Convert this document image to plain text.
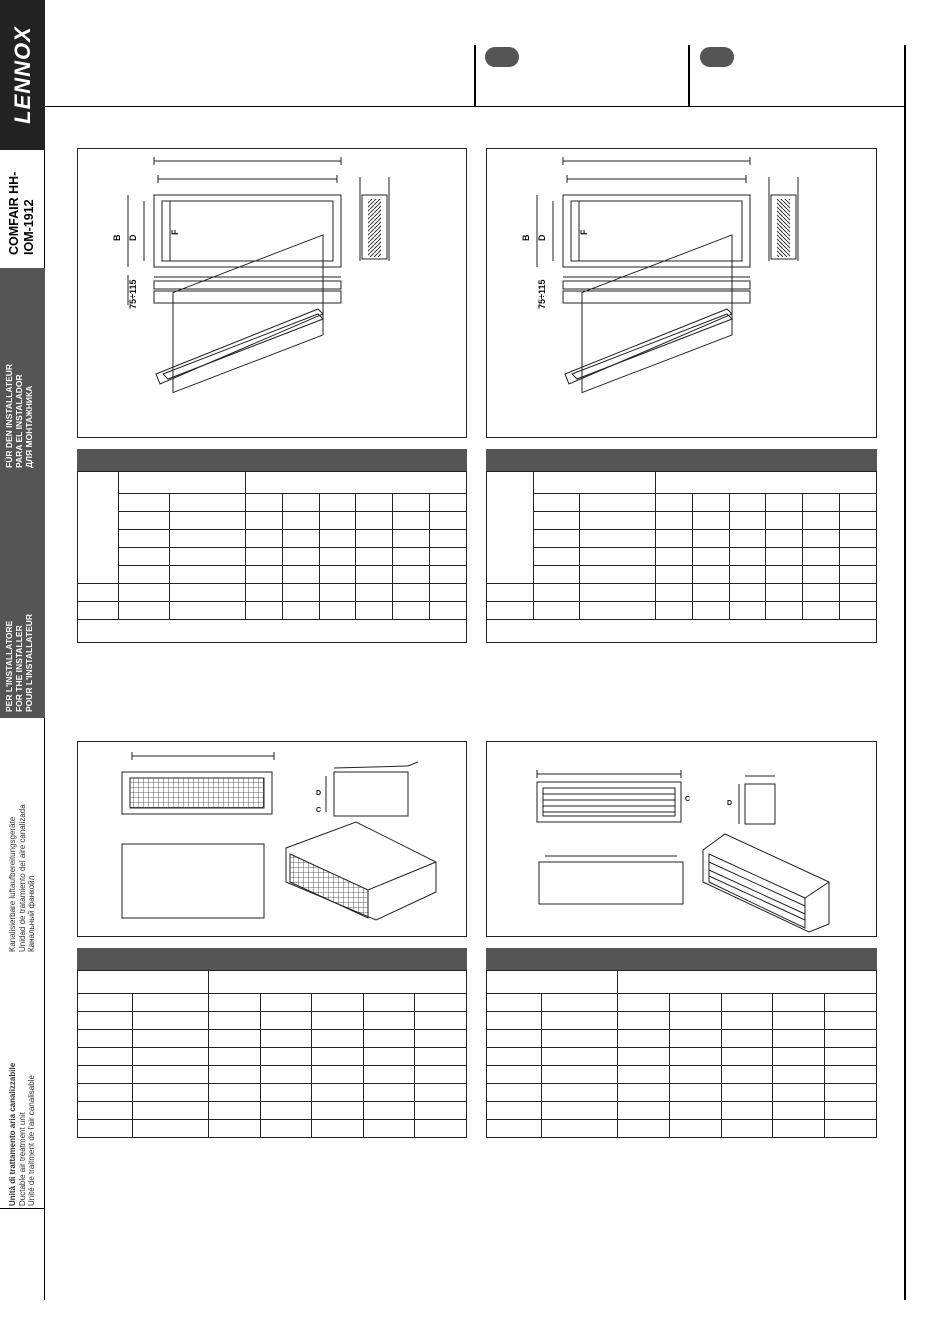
LENNOX
COMFAIR HH- IOM-1912
FÜR DEN INSTALLATEUR PARA EL INSTALADOR ДЛЯ МОНТАЖНИКА
PER L'INSTALLATORE FOR THE INSTALLER POUR L'INSTALLATEUR
Kanalisierbare luftaufbereitungsgeräte Unidad de tratamiento del aire canalizada Канальный фанкойл
Unità di trattamento aria canalizzabile Ductable air treatment unit Unité de traitment de l'air canalisable
B D
F
75÷115

B D
F
75÷115

D
C

C
D
